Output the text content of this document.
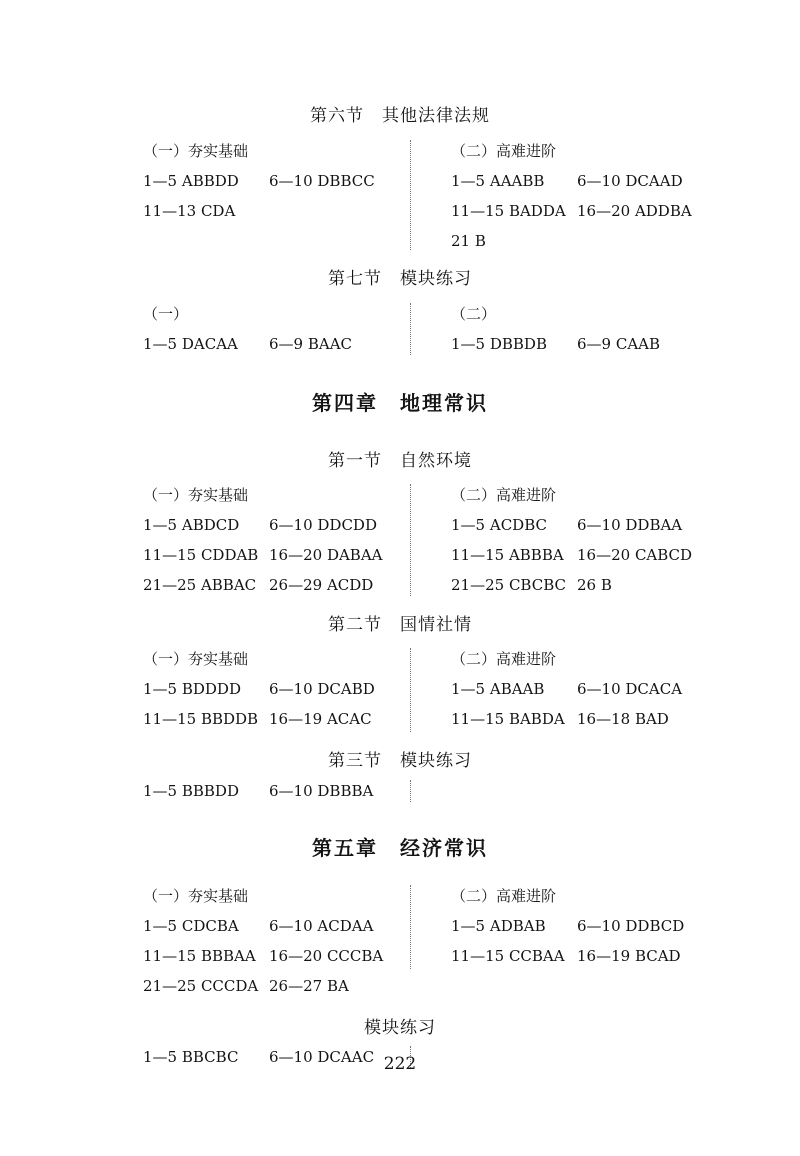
第六节　其他法律法规
（一）夯实基础
1—5 ABBDD 6—10 DBBCC
11—13 CDA
（二）高难进阶
1—5 AAABB 6—10 DCAAD
11—15 BADDA 16—20 ADDBA
21 B
第七节　模块练习
（一）
1—5 DACAA 6—9 BAAC
（二）
1—5 DBBDB 6—9 CAAB
第四章　地理常识
第一节　自然环境
（一）夯实基础
1—5 ABDCD 6—10 DDCDD
11—15 CDDAB 16—20 DABAA
21—25 ABBAC 26—29 ACDD
（二）高难进阶
1—5 ACDBC 6—10 DDBAA
11—15 ABBBA 16—20 CABCD
21—25 CBCBC 26 B
第二节　国情社情
（一）夯实基础
1—5 BDDDD 6—10 DCABD
11—15 BBDDB 16—19 ACAC
（二）高难进阶
1—5 ABAAB 6—10 DCACA
11—15 BABDA 16—18 BAD
第三节　模块练习
1—5 BBBDD 6—10 DBBBA
第五章　经济常识
（一）夯实基础
1—5 CDCBA 6—10 ACDAA
11—15 BBBAA 16—20 CCCBA
21—25 CCCDA 26—27 BA
（二）高难进阶
1—5 ADBAB 6—10 DDBCD
11—15 CCBAA 16—19 BCAD
模块练习
1—5 BBCBC 6—10 DCAAC 222
